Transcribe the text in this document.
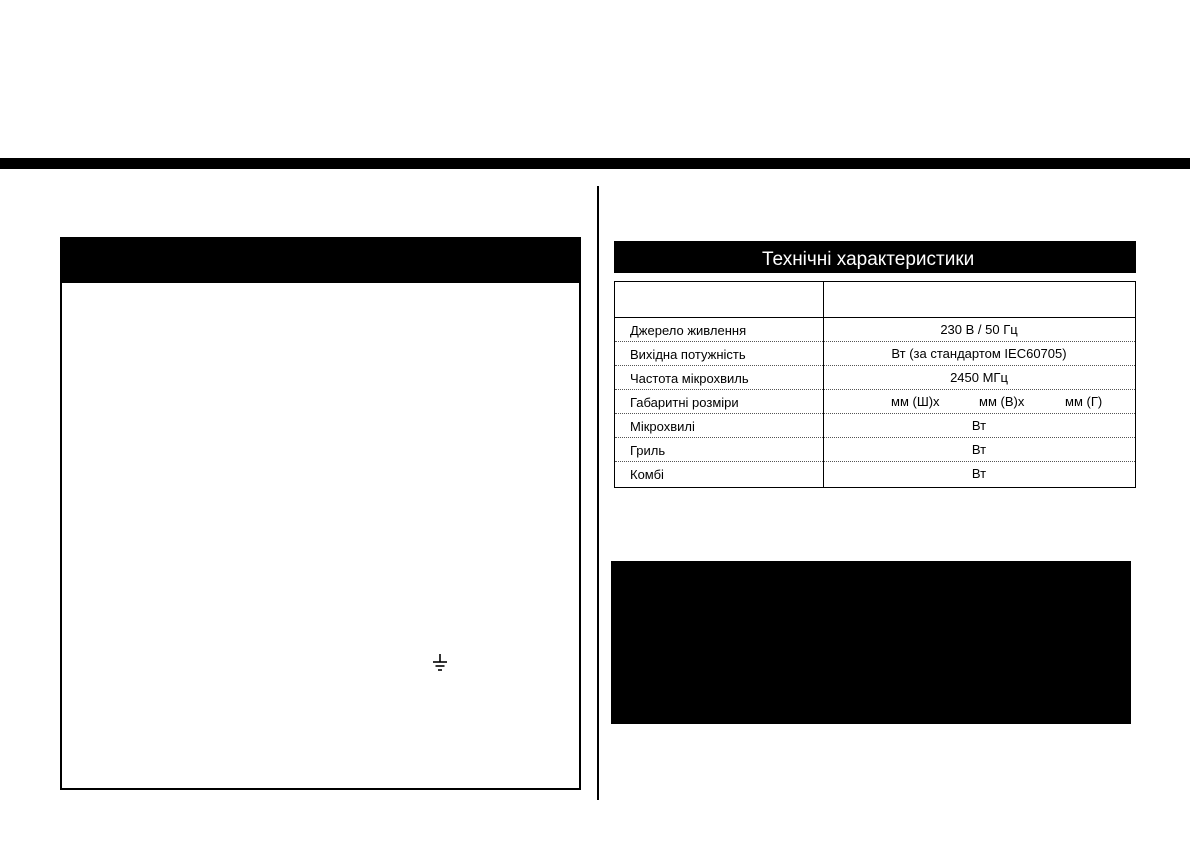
Технічні характеристики
Джерело живлення	230 В / 50 Гц
Вихідна потужність	Вт (за стандартом IEC60705)
Частота мікрохвиль	2450 МГц
Габаритні розміри	мм (Ш)х	мм (В)х	мм (Г)
Мікрохвилі	Вт
Гриль	Вт
Комбі	Вт
